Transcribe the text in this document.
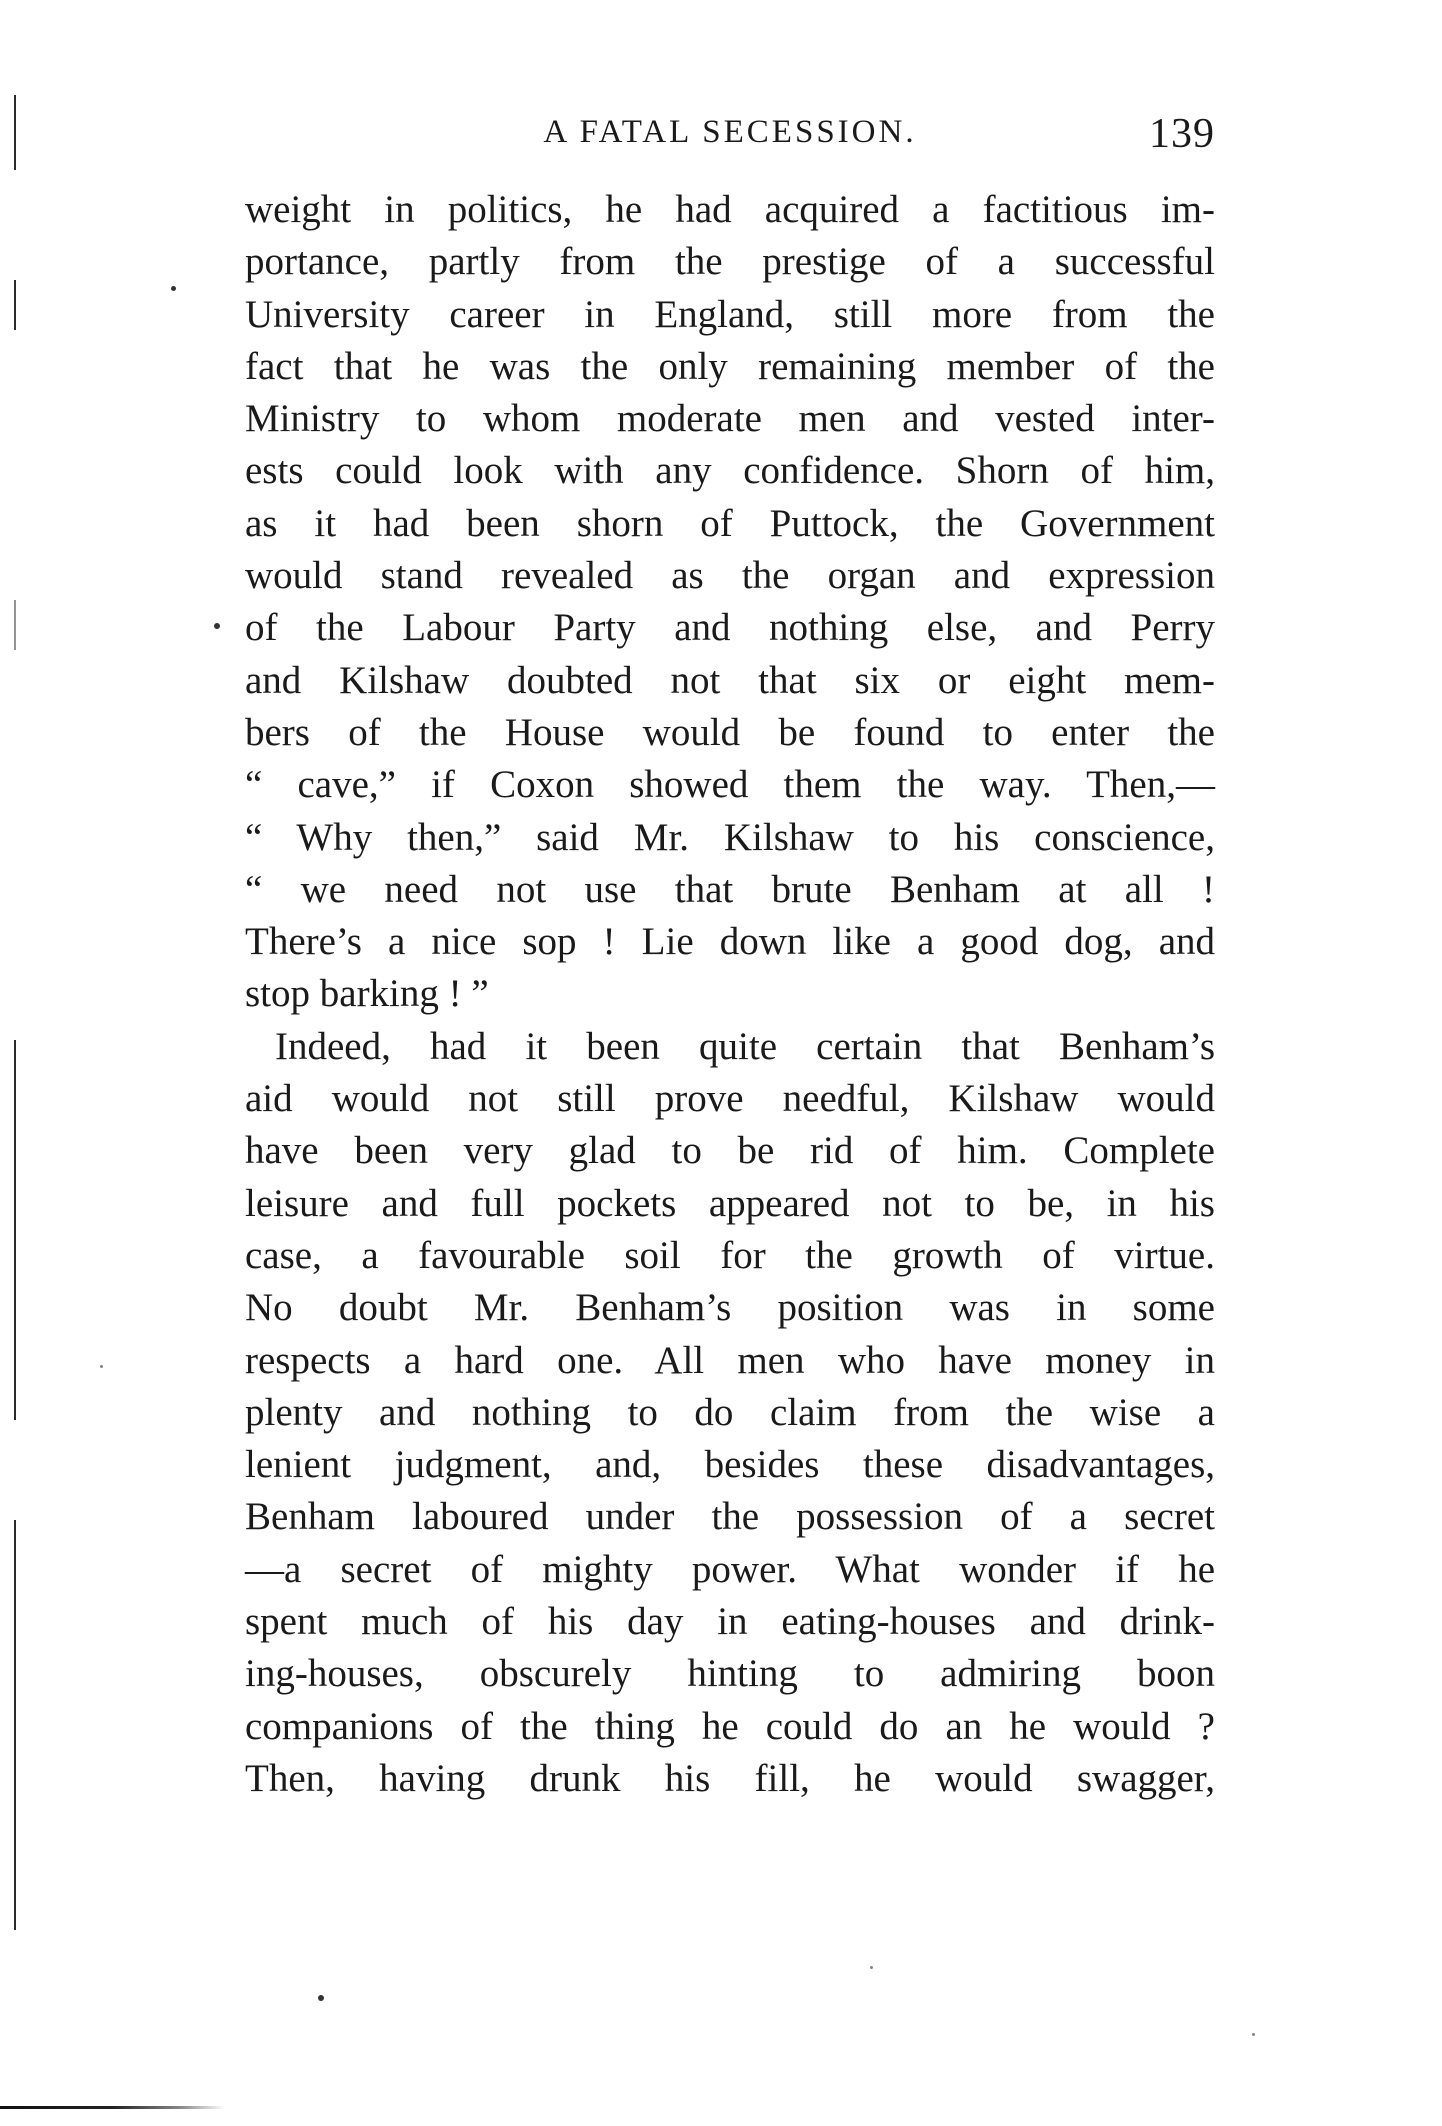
A FATAL SECESSION.	139
weight in politics, he had acquired a factitious im-
portance, partly from the prestige of a successful
University career in England, still more from the
fact that he was the only remaining member of the
Ministry to whom moderate men and vested inter-
ests could look with any confidence. Shorn of him,
as it had been shorn of Puttock, the Government
would stand revealed as the organ and expression
of the Labour Party and nothing else, and Perry
and Kilshaw doubted not that six or eight mem-
bers of the House would be found to enter the
“ cave,” if Coxon showed them the way. Then,—
“ Why then,” said Mr. Kilshaw to his conscience,
“ we need not use that brute Benham at all !
There’s a nice sop ! Lie down like a good dog, and
stop barking ! ”
Indeed, had it been quite certain that Benham’s
aid would not still prove needful, Kilshaw would
have been very glad to be rid of him. Complete
leisure and full pockets appeared not to be, in his
case, a favourable soil for the growth of virtue.
No doubt Mr. Benham’s position was in some
respects a hard one. All men who have money in
plenty and nothing to do claim from the wise a
lenient judgment, and, besides these disadvantages,
Benham laboured under the possession of a secret
—a secret of mighty power. What wonder if he
spent much of his day in eating-houses and drink-
ing-houses, obscurely hinting to admiring boon
companions of the thing he could do an he would ?
Then, having drunk his fill, he would swagger,
